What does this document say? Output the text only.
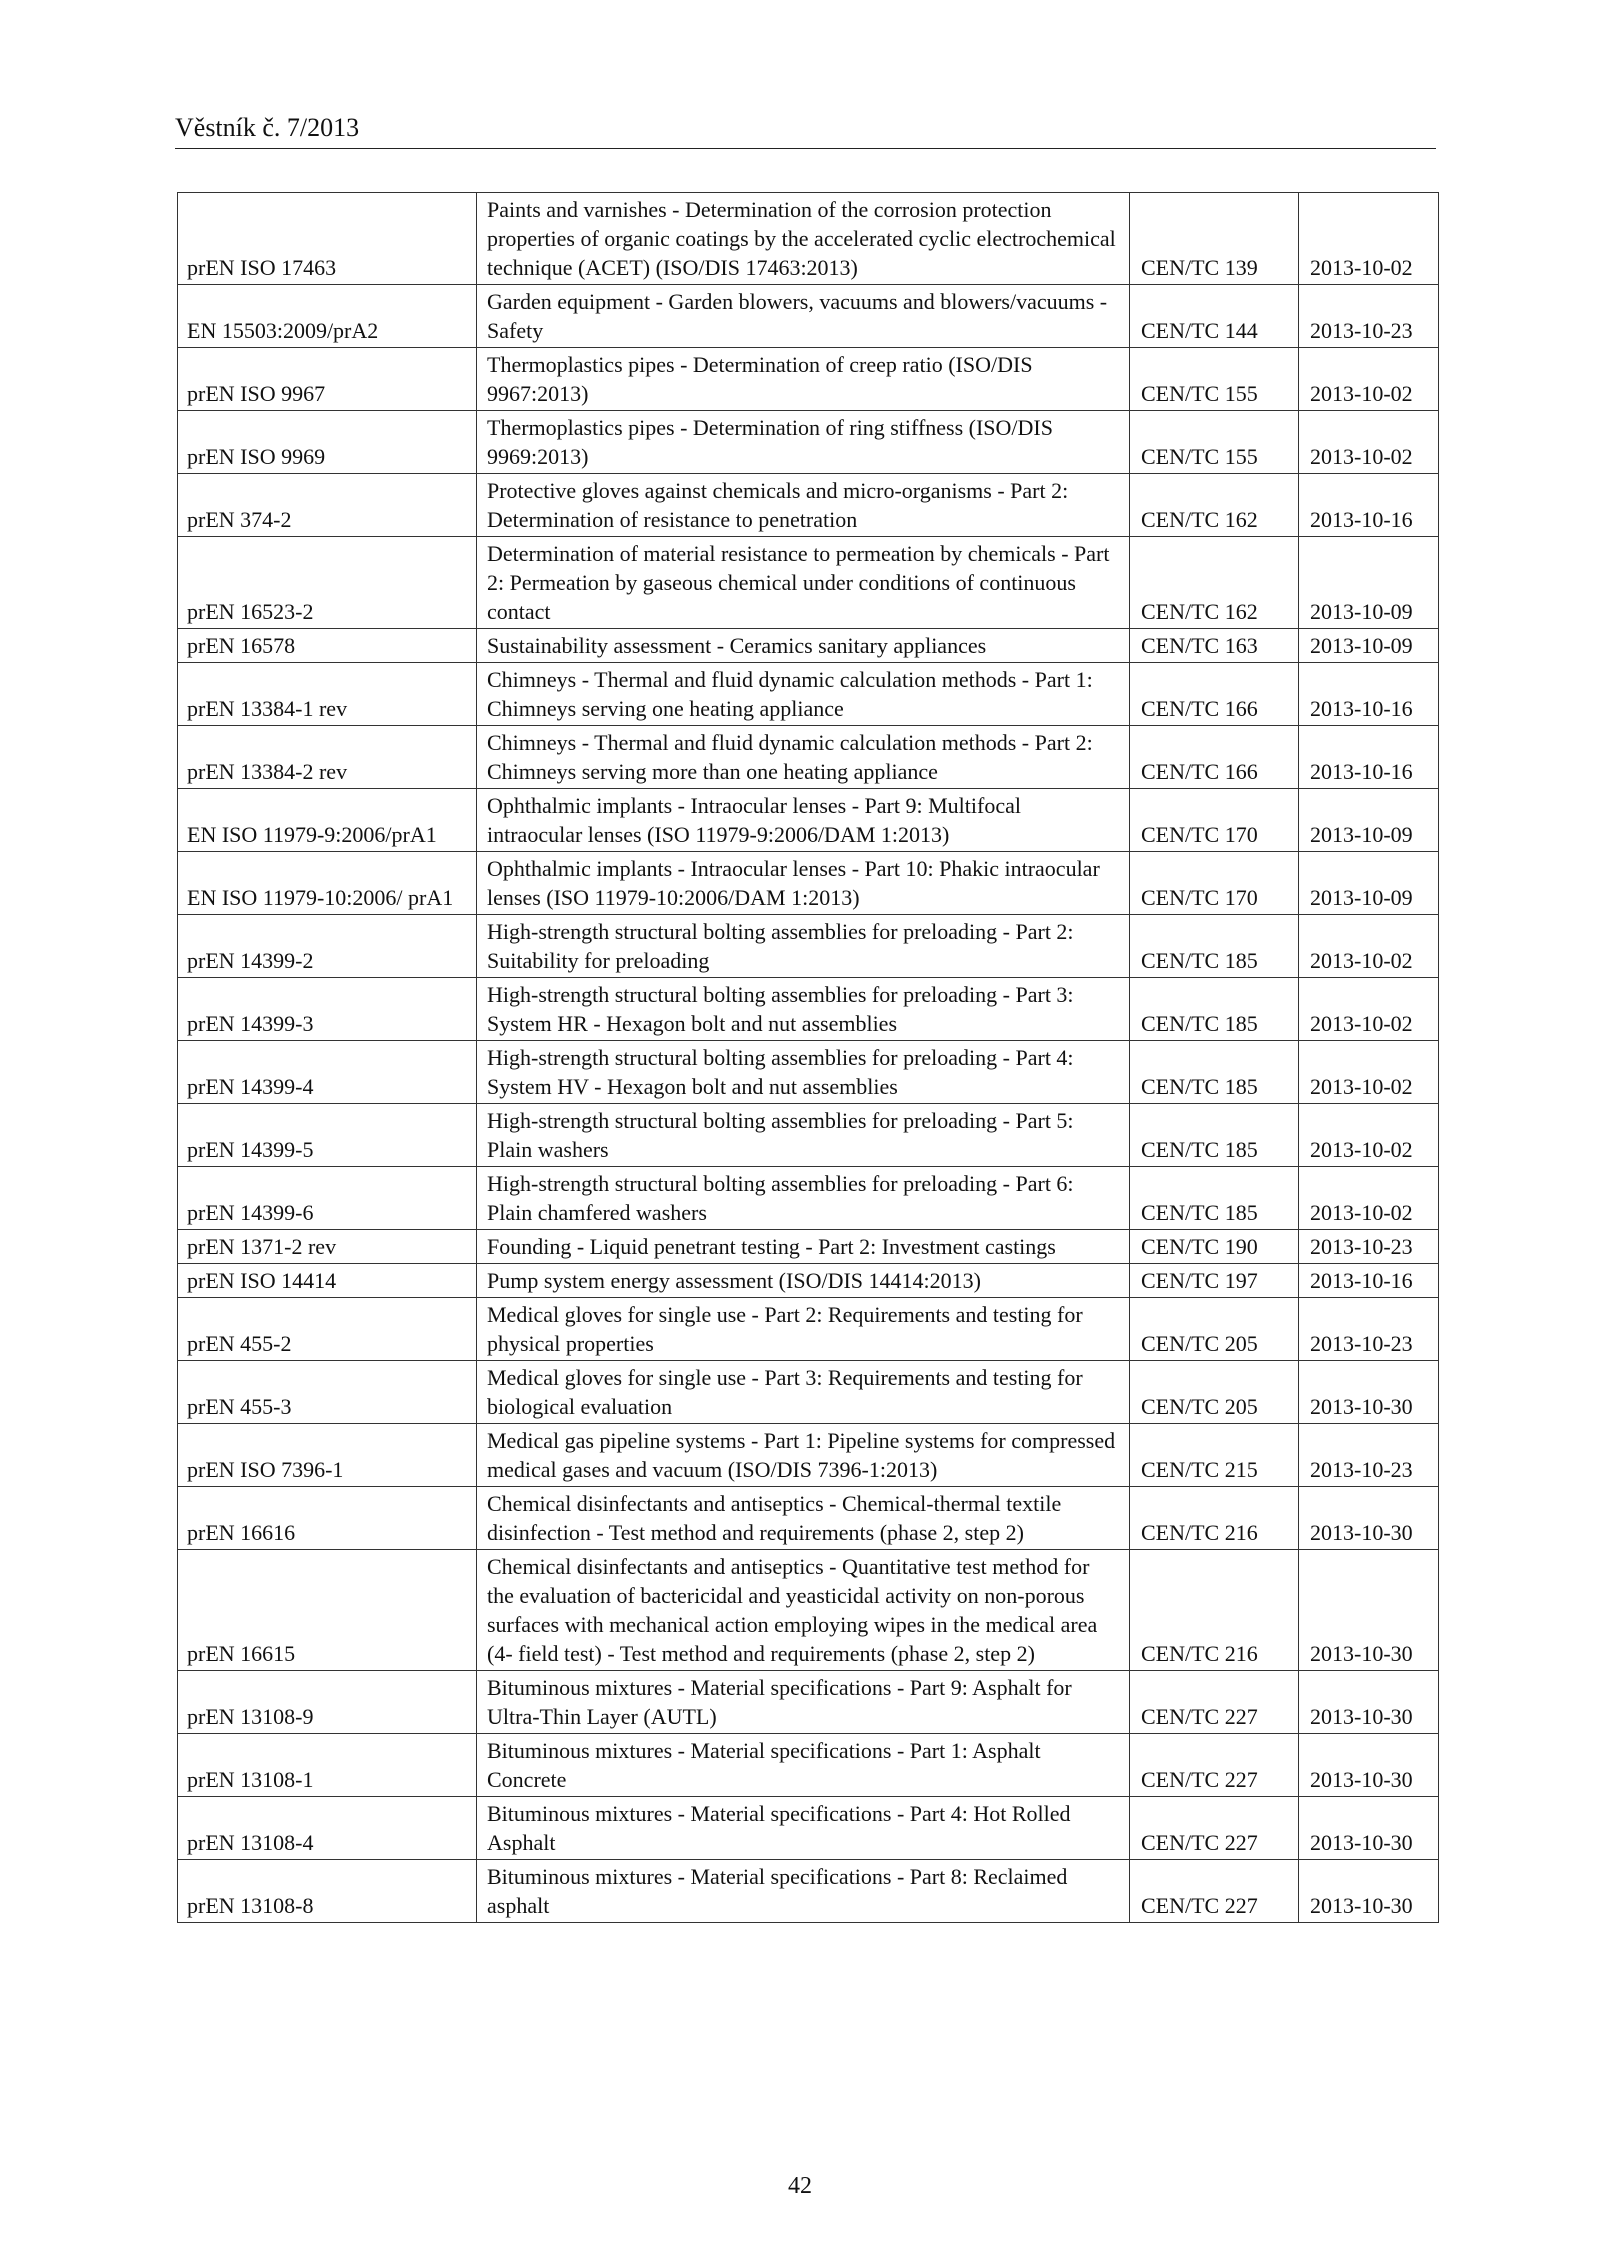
Věstník č. 7/2013
prEN ISO 17463	Paints and varnishes - Determination of the corrosion protection properties of organic coatings by the accelerated cyclic electrochemical technique (ACET) (ISO/DIS 17463:2013)	CEN/TC 139	2013-10-02
EN 15503:2009/prA2	Garden equipment - Garden blowers, vacuums and blowers/vacuums - Safety	CEN/TC 144	2013-10-23
prEN ISO 9967	Thermoplastics pipes - Determination of creep ratio (ISO/DIS 9967:2013)	CEN/TC 155	2013-10-02
prEN ISO 9969	Thermoplastics pipes - Determination of ring stiffness (ISO/DIS 9969:2013)	CEN/TC 155	2013-10-02
prEN 374-2	Protective gloves against chemicals and micro-organisms - Part 2: Determination of resistance to penetration	CEN/TC 162	2013-10-16
prEN 16523-2	Determination of material resistance to permeation by chemicals - Part 2: Permeation by gaseous chemical under conditions of continuous contact	CEN/TC 162	2013-10-09
prEN 16578	Sustainability assessment - Ceramics sanitary appliances	CEN/TC 163	2013-10-09
prEN 13384-1 rev	Chimneys - Thermal and fluid dynamic calculation methods - Part 1: Chimneys serving one heating appliance	CEN/TC 166	2013-10-16
prEN 13384-2 rev	Chimneys - Thermal and fluid dynamic calculation methods - Part 2: Chimneys serving more than one heating appliance	CEN/TC 166	2013-10-16
EN ISO 11979-9:2006/prA1	Ophthalmic implants - Intraocular lenses - Part 9: Multifocal intraocular lenses (ISO 11979-9:2006/DAM 1:2013)	CEN/TC 170	2013-10-09
EN ISO 11979-10:2006/ prA1	Ophthalmic implants - Intraocular lenses - Part 10: Phakic intraocular lenses (ISO 11979-10:2006/DAM 1:2013)	CEN/TC 170	2013-10-09
prEN 14399-2	High-strength structural bolting assemblies for preloading - Part 2: Suitability for preloading	CEN/TC 185	2013-10-02
prEN 14399-3	High-strength structural bolting assemblies for preloading - Part 3: System HR - Hexagon bolt and nut assemblies	CEN/TC 185	2013-10-02
prEN 14399-4	High-strength structural bolting assemblies for preloading - Part 4: System HV - Hexagon bolt and nut assemblies	CEN/TC 185	2013-10-02
prEN 14399-5	High-strength structural bolting assemblies for preloading - Part 5: Plain washers	CEN/TC 185	2013-10-02
prEN 14399-6	High-strength structural bolting assemblies for preloading - Part 6: Plain chamfered washers	CEN/TC 185	2013-10-02
prEN 1371-2 rev	Founding - Liquid penetrant testing - Part 2: Investment castings	CEN/TC 190	2013-10-23
prEN ISO 14414	Pump system energy assessment (ISO/DIS 14414:2013)	CEN/TC 197	2013-10-16
prEN 455-2	Medical gloves for single use - Part 2: Requirements and testing for physical properties	CEN/TC 205	2013-10-23
prEN 455-3	Medical gloves for single use - Part 3: Requirements and testing for biological evaluation	CEN/TC 205	2013-10-30
prEN ISO 7396-1	Medical gas pipeline systems - Part 1: Pipeline systems for compressed medical gases and vacuum (ISO/DIS 7396-1:2013)	CEN/TC 215	2013-10-23
prEN 16616	Chemical disinfectants and antiseptics - Chemical-thermal textile disinfection - Test method and requirements (phase 2, step 2)	CEN/TC 216	2013-10-30
prEN 16615	Chemical disinfectants and antiseptics - Quantitative test method for the evaluation of bactericidal and yeasticidal activity on non-porous surfaces with mechanical action employing wipes in the medical area (4- field test) - Test method and requirements (phase 2, step 2)	CEN/TC 216	2013-10-30
prEN 13108-9	Bituminous mixtures - Material specifications - Part 9: Asphalt for Ultra-Thin Layer (AUTL)	CEN/TC 227	2013-10-30
prEN 13108-1	Bituminous mixtures - Material specifications - Part 1: Asphalt Concrete	CEN/TC 227	2013-10-30
prEN 13108-4	Bituminous mixtures - Material specifications - Part 4: Hot Rolled Asphalt	CEN/TC 227	2013-10-30
prEN 13108-8	Bituminous mixtures - Material specifications - Part 8: Reclaimed asphalt	CEN/TC 227	2013-10-30
42
